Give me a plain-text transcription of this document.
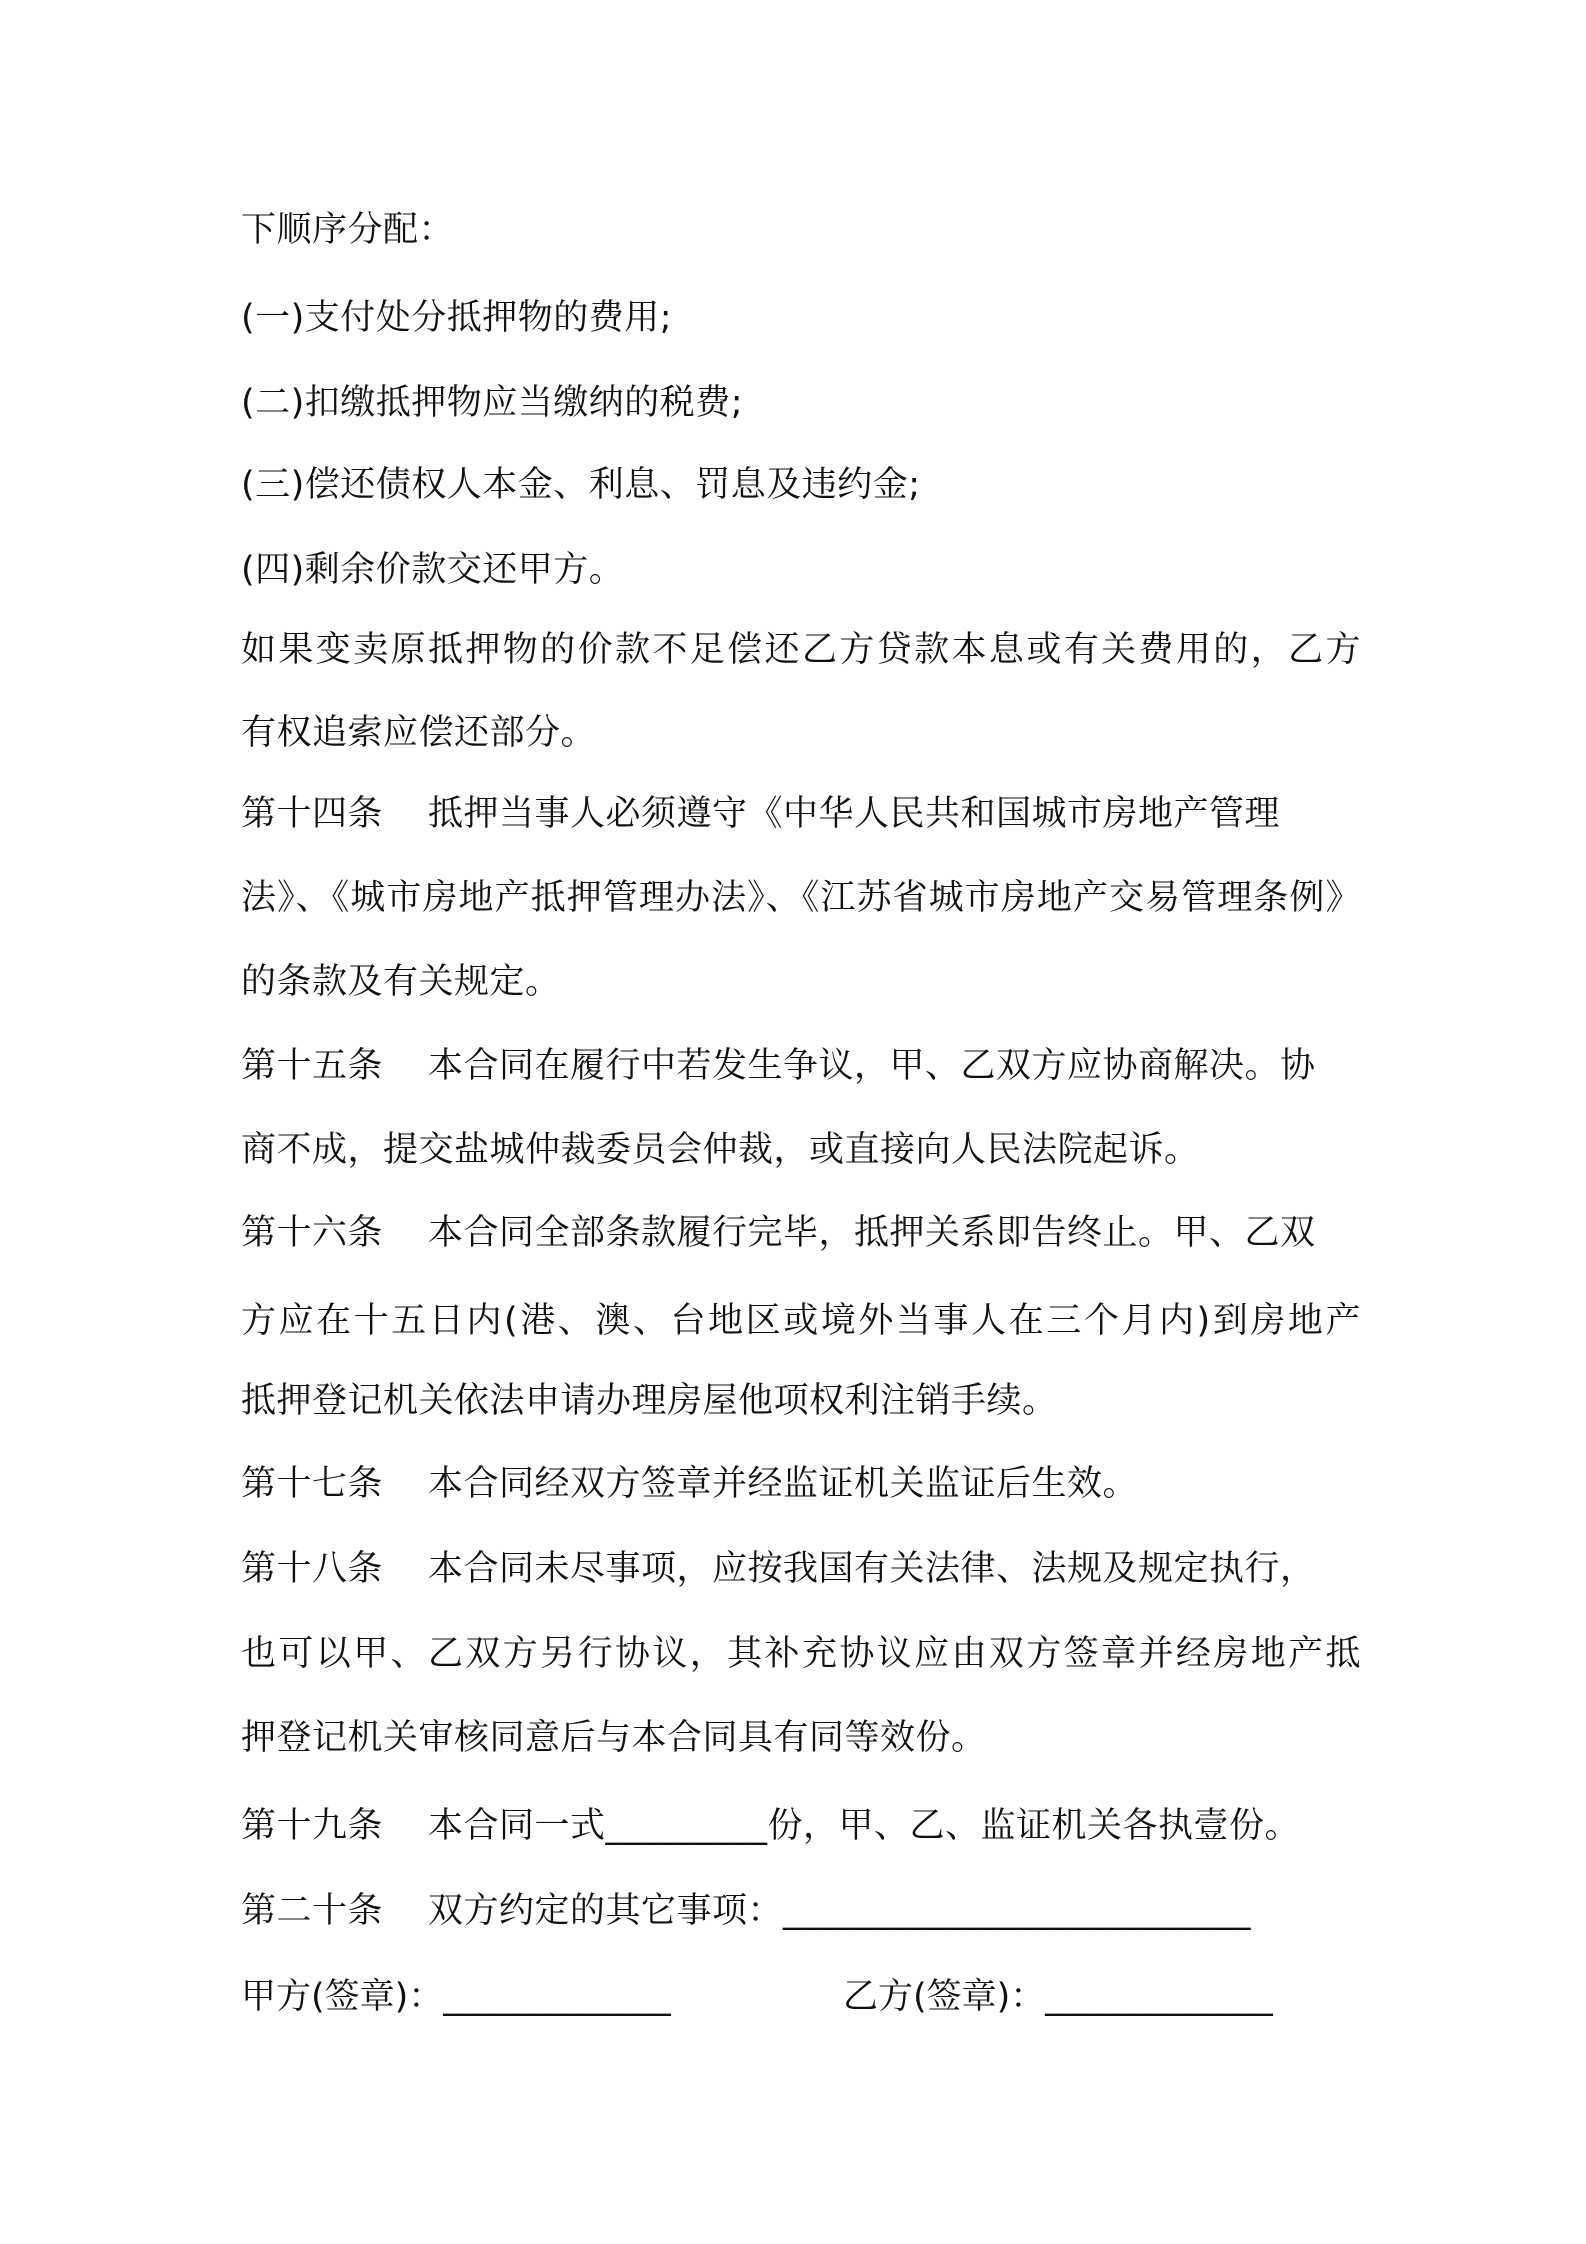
下顺序分配：
(一)支付处分抵押物的费用;
(二)扣缴抵押物应当缴纳的税费;
(三)偿还债权人本金、利息、罚息及违约金;
(四)剩余价款交还甲方。
如果变卖原抵押物的价款不足偿还乙方贷款本息或有关费用的，乙方
有权追索应偿还部分。
第十四条 抵押当事人必须遵守《中华人民共和国城市房地产管理
法》、《城市房地产抵押管理办法》、《江苏省城市房地产交易管理条例》
的条款及有关规定。
第十五条 本合同在履行中若发生争议，甲、乙双方应协商解决。协
商不成，提交盐城仲裁委员会仲裁，或直接向人民法院起诉。
第十六条 本合同全部条款履行完毕，抵押关系即告终止。甲、乙双
方应在十五日内(港、澳、台地区或境外当事人在三个月内)到房地产
抵押登记机关依法申请办理房屋他项权利注销手续。
第十七条 本合同经双方签章并经监证机关监证后生效。
第十八条 本合同未尽事项，应按我国有关法律、法规及规定执行，
也可以甲、乙双方另行协议，其补充协议应由双方签章并经房地产抵
押登记机关审核同意后与本合同具有同等效份。
第十九条 本合同一式_________份，甲、乙、监证机关各执壹份。
第二十条 双方约定的其它事项：__________________________
甲方(签章)：_____________	乙方(签章)：_____________
